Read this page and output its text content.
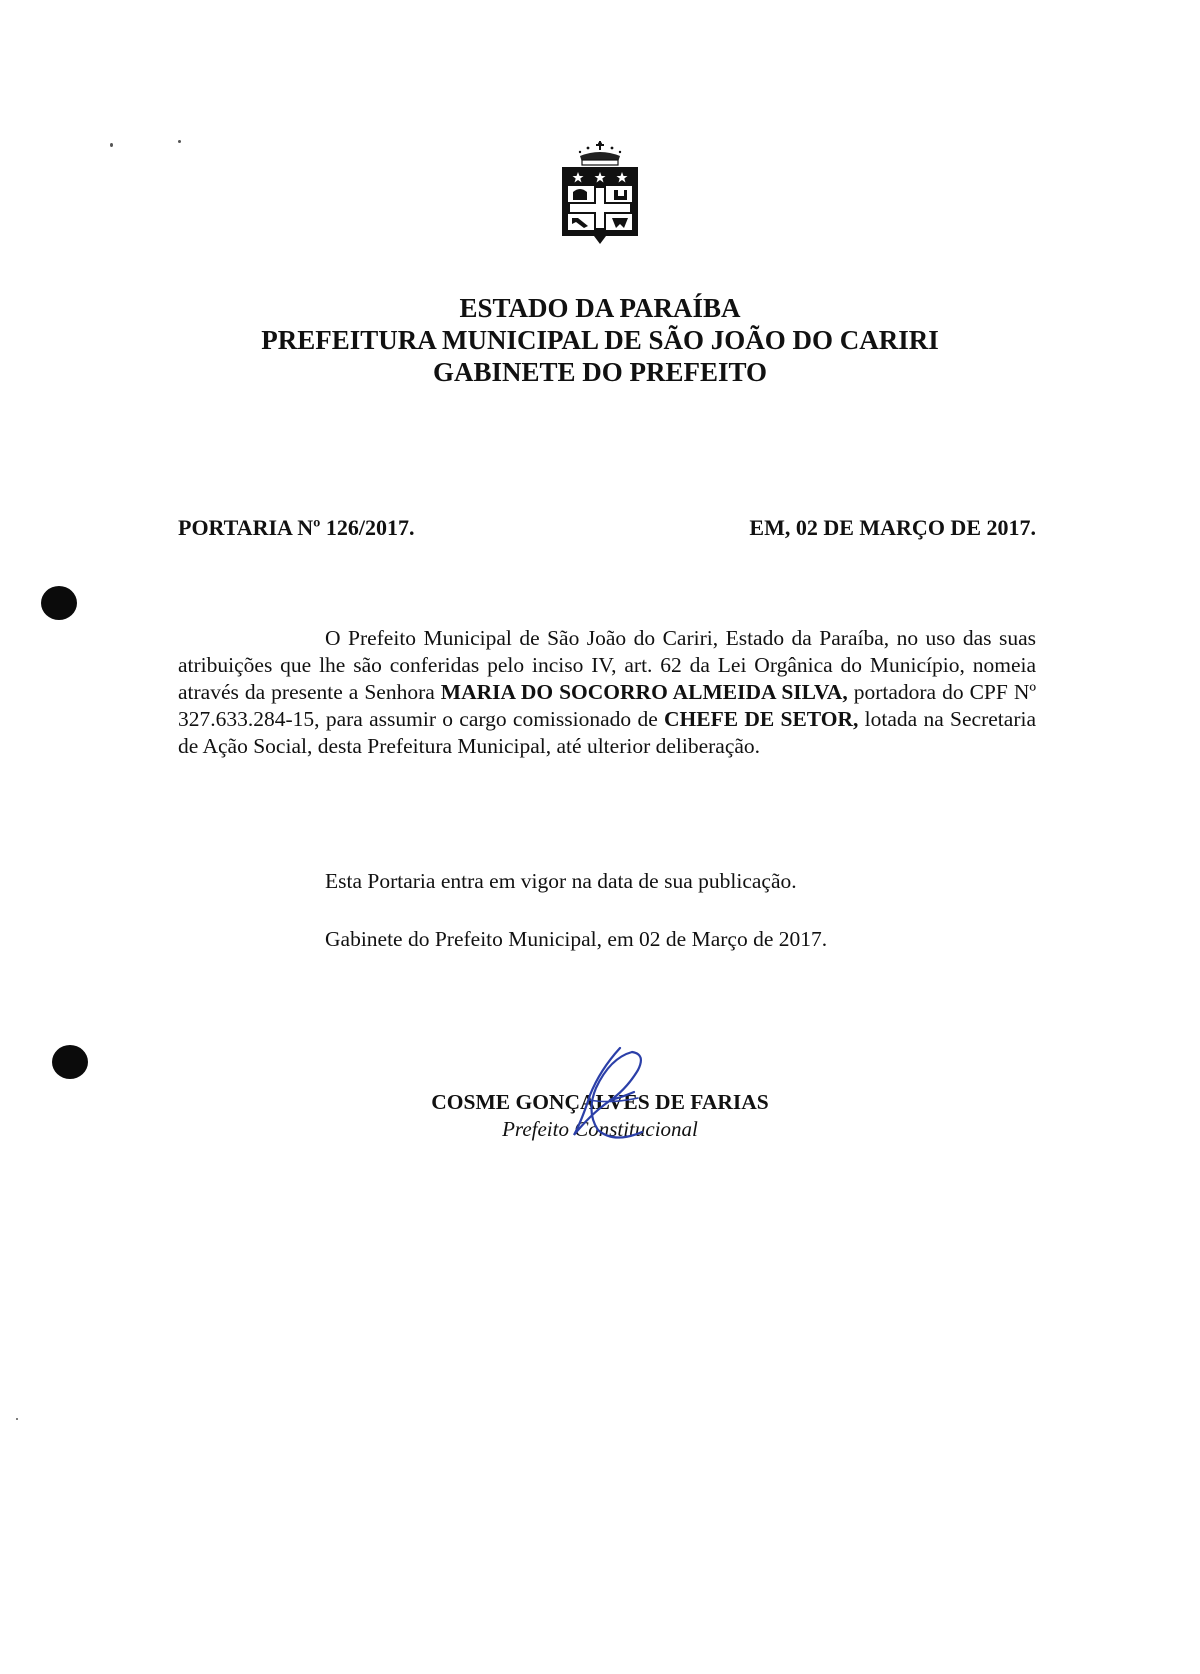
ESTADO DA PARAÍBA
PREFEITURA MUNICIPAL DE SÃO JOÃO DO CARIRI
GABINETE DO PREFEITO
PORTARIA Nº 126/2017.	EM, 02 DE MARÇO DE 2017.
O Prefeito Municipal de São João do Cariri, Estado da Paraíba, no uso das suas atribuições que lhe são conferidas pelo inciso IV, art. 62 da Lei Orgânica do Município, nomeia através da presente a Senhora MARIA DO SOCORRO ALMEIDA SILVA, portadora do CPF Nº 327.633.284-15, para assumir o cargo comissionado de CHEFE DE SETOR, lotada na Secretaria de Ação Social, desta Prefeitura Municipal, até ulterior deliberação.
Esta Portaria entra em vigor na data de sua publicação.
Gabinete do Prefeito Municipal, em 02 de Março de 2017.
COSME GONÇALVES DE FARIAS
Prefeito Constitucional
